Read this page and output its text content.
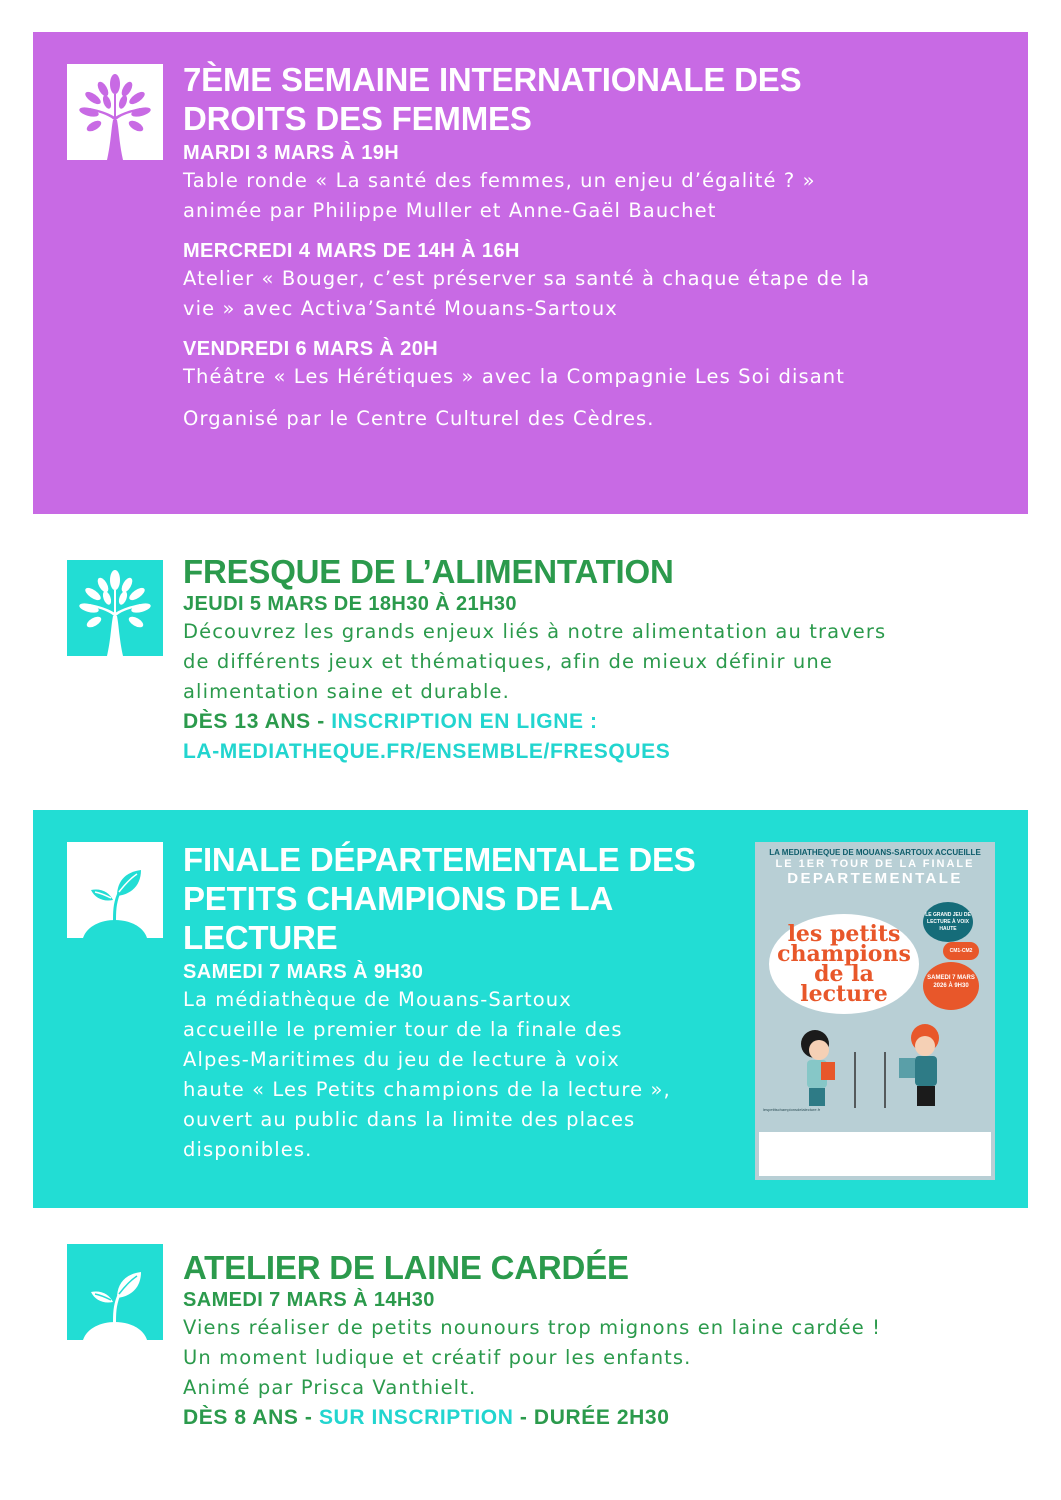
7ÈME SEMAINE INTERNATIONALE DES
DROITS DES FEMMES
MARDI 3 MARS À 19H
Table ronde « La santé des femmes, un enjeu d’égalité ? »
animée par Philippe Muller et Anne-Gaël Bauchet
MERCREDI 4 MARS DE 14H À 16H
Atelier « Bouger, c’est préserver sa santé à chaque étape de la
vie » avec Activa’Santé Mouans-Sartoux
VENDREDI 6 MARS À 20H
Théâtre « Les Hérétiques » avec la Compagnie Les Soi disant
Organisé par le Centre Culturel des Cèdres.
FRESQUE DE L’ALIMENTATION
JEUDI 5 MARS DE 18H30 À 21H30
Découvrez les grands enjeux liés à notre alimentation au travers
de différents jeux et thématiques, afin de mieux définir une
alimentation saine et durable.
DÈS 13 ANS - INSCRIPTION EN LIGNE :
LA-MEDIATHEQUE.FR/ENSEMBLE/FRESQUES
FINALE DÉPARTEMENTALE DES
PETITS CHAMPIONS DE LA
LECTURE
SAMEDI 7 MARS À 9H30
La médiathèque de Mouans-Sartoux
accueille le premier tour de la finale des
Alpes-Maritimes du jeu de lecture à voix
haute « Les Petits champions de la lecture »,
ouvert au public dans la limite des places
disponibles.
LA MEDIATHEQUE DE MOUANS-SARTOUX ACCUEILLE
LE 1ER TOUR DE LA FINALE
DEPARTEMENTALE
les petits
champions
de la lecture
LE GRAND JEU DE LECTURE À VOIX HAUTE
CM1-CM2
SAMEDI 7 MARS 2026 À 9H30
lespetitschampionsdelalecture.fr
ATELIER DE LAINE CARDÉE
SAMEDI 7 MARS À 14H30
Viens réaliser de petits nounours trop mignons en laine cardée !
Un moment ludique et créatif pour les enfants.
Animé par Prisca Vanthielt.
DÈS 8 ANS - SUR INSCRIPTION - DURÉE 2H30
